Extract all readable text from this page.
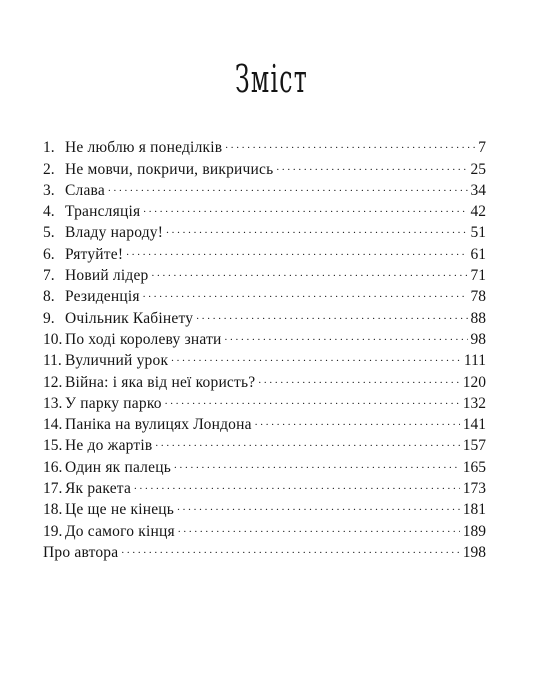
Зміст
1. Не люблю я понеділків . . .	7
2. Не мовчи, покричи, викричись . . .	25
3. Слава . . .	34
4. Трансляція . . .	42
5. Владу народу! . . .	51
6. Рятуйте! . . .	61
7. Новий лідер . . .	71
8. Резиденція . . .	78
9. Очільник Кабінету . . .	88
10. По ході королеву знати . . .	98
11. Вуличний урок . . .	111
12. Війна: і яка від неї користь? . . .	120
13. У парку парко . . .	132
14. Паніка на вулицях Лондона . . .	141
15. Не до жартів . . .	157
16. Один як палець . . .	165
17. Як ракета . . .	173
18. Це ще не кінець . . .	181
19. До самого кінця . . .	189
Про автора . . .	198
